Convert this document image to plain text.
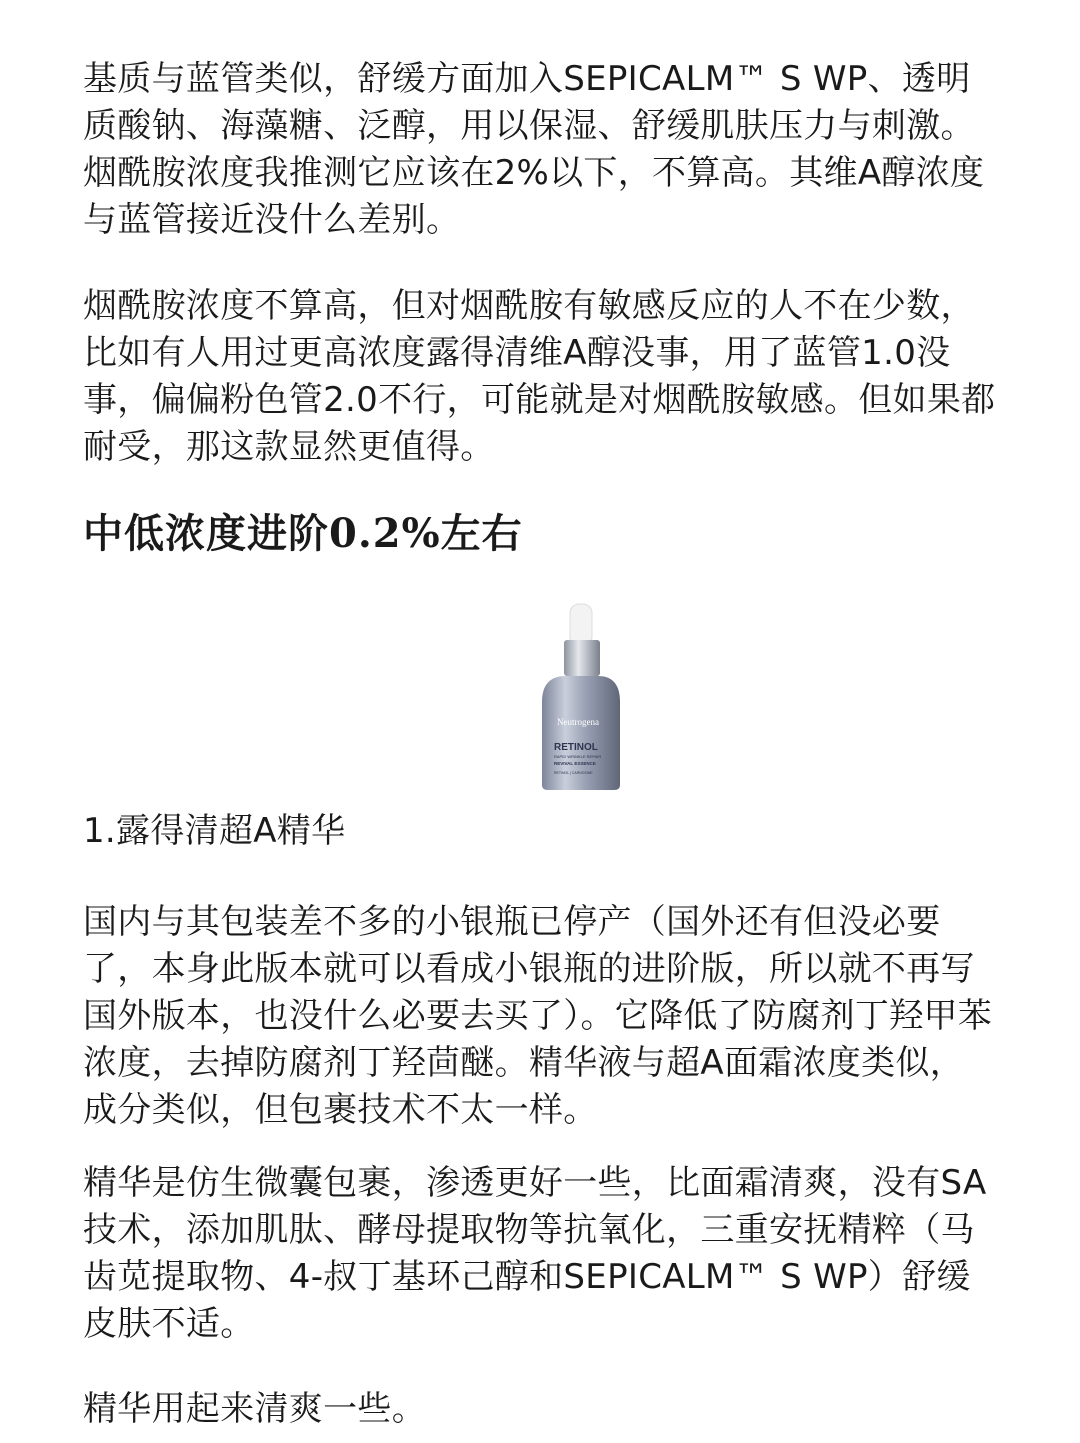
基质与蓝管类似，舒缓方面加入SEPICALM™ S WP、透明质酸钠、海藻糖、泛醇，用以保湿、舒缓肌肤压力与刺激。 烟酰胺浓度我推测它应该在2%以下，不算高。其维A醇浓度与蓝管接近没什么差别。

烟酰胺浓度不算高，但对烟酰胺有敏感反应的人不在少数，比如有人用过更高浓度露得清维A醇没事，用了蓝管1.0没事，偏偏粉色管2.0不行，可能就是对烟酰胺敏感。但如果都耐受，那这款显然更值得。

中低浓度进阶0.2%左右
Neutrogena
RETINOL
RAPID WRINKLE REPAIR
REVIVAL ESSENCE
RETINOL | CARNOSINE

1.露得清超A精华

国内与其包装差不多的小银瓶已停产（国外还有但没必要了，本身此版本就可以看成小银瓶的进阶版，所以就不再写国外版本，也没什么必要去买了）。它降低了防腐剂丁羟甲苯浓度，去掉防腐剂丁羟茴醚。精华液与超A面霜浓度类似，成分类似，但包裹技术不太一样。

精华是仿生微囊包裹，渗透更好一些，比面霜清爽，没有SA技术，添加肌肽、酵母提取物等抗氧化，三重安抚精粹（马齿苋提取物、4-叔丁基环己醇和SEPICALM™ S WP）舒缓皮肤不适。

精华用起来清爽一些。
